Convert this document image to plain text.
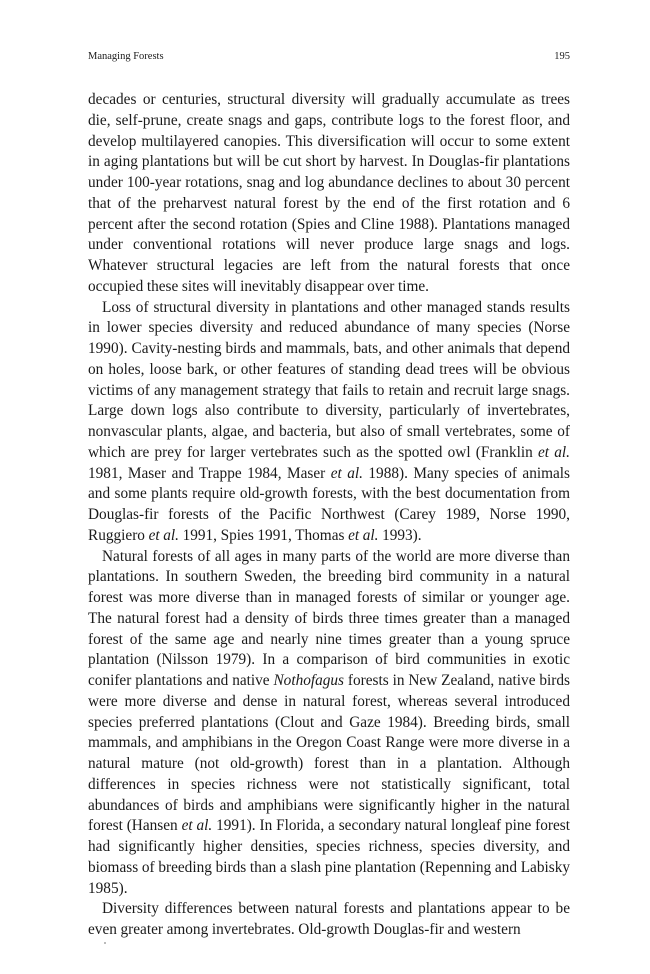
Managing Forests	195

decades or centuries, structural diversity will gradually accumulate as trees die, self-prune, create snags and gaps, contribute logs to the forest floor, and develop multilayered canopies. This diversification will occur to some extent in aging plantations but will be cut short by harvest. In Douglas-fir plantations under 100-year rotations, snag and log abundance declines to about 30 percent that of the preharvest natural forest by the end of the first rotation and 6 percent after the second rotation (Spies and Cline 1988). Plantations managed under conventional rotations will never produce large snags and logs. Whatever structural legacies are left from the natural forests that once occupied these sites will inevitably disappear over time.

Loss of structural diversity in plantations and other managed stands results in lower species diversity and reduced abundance of many species (Norse 1990). Cavity-nesting birds and mammals, bats, and other animals that depend on holes, loose bark, or other features of standing dead trees will be obvious victims of any management strategy that fails to retain and recruit large snags. Large down logs also contribute to diversity, particularly of invertebrates, nonvascular plants, algae, and bacteria, but also of small vertebrates, some of which are prey for larger vertebrates such as the spotted owl (Franklin et al. 1981, Maser and Trappe 1984, Maser et al. 1988). Many species of animals and some plants require old-growth forests, with the best documentation from Douglas-fir forests of the Pacific Northwest (Carey 1989, Norse 1990, Ruggiero et al. 1991, Spies 1991, Thomas et al. 1993).

Natural forests of all ages in many parts of the world are more diverse than plantations. In southern Sweden, the breeding bird community in a natural forest was more diverse than in managed forests of similar or younger age. The natural forest had a density of birds three times greater than a managed forest of the same age and nearly nine times greater than a young spruce plantation (Nilsson 1979). In a comparison of bird communities in exotic conifer plantations and native Nothofagus forests in New Zealand, native birds were more diverse and dense in natural forest, whereas several introduced species preferred plantations (Clout and Gaze 1984). Breeding birds, small mammals, and amphibians in the Oregon Coast Range were more diverse in a natural mature (not old-growth) forest than in a plantation. Although differences in species richness were not statistically significant, total abundances of birds and amphibians were significantly higher in the natural forest (Hansen et al. 1991). In Florida, a secondary natural longleaf pine forest had significantly higher densities, species richness, species diversity, and biomass of breeding birds than a slash pine plantation (Repenning and Labisky 1985).

Diversity differences between natural forests and plantations appear to be even greater among invertebrates. Old-growth Douglas-fir and western
